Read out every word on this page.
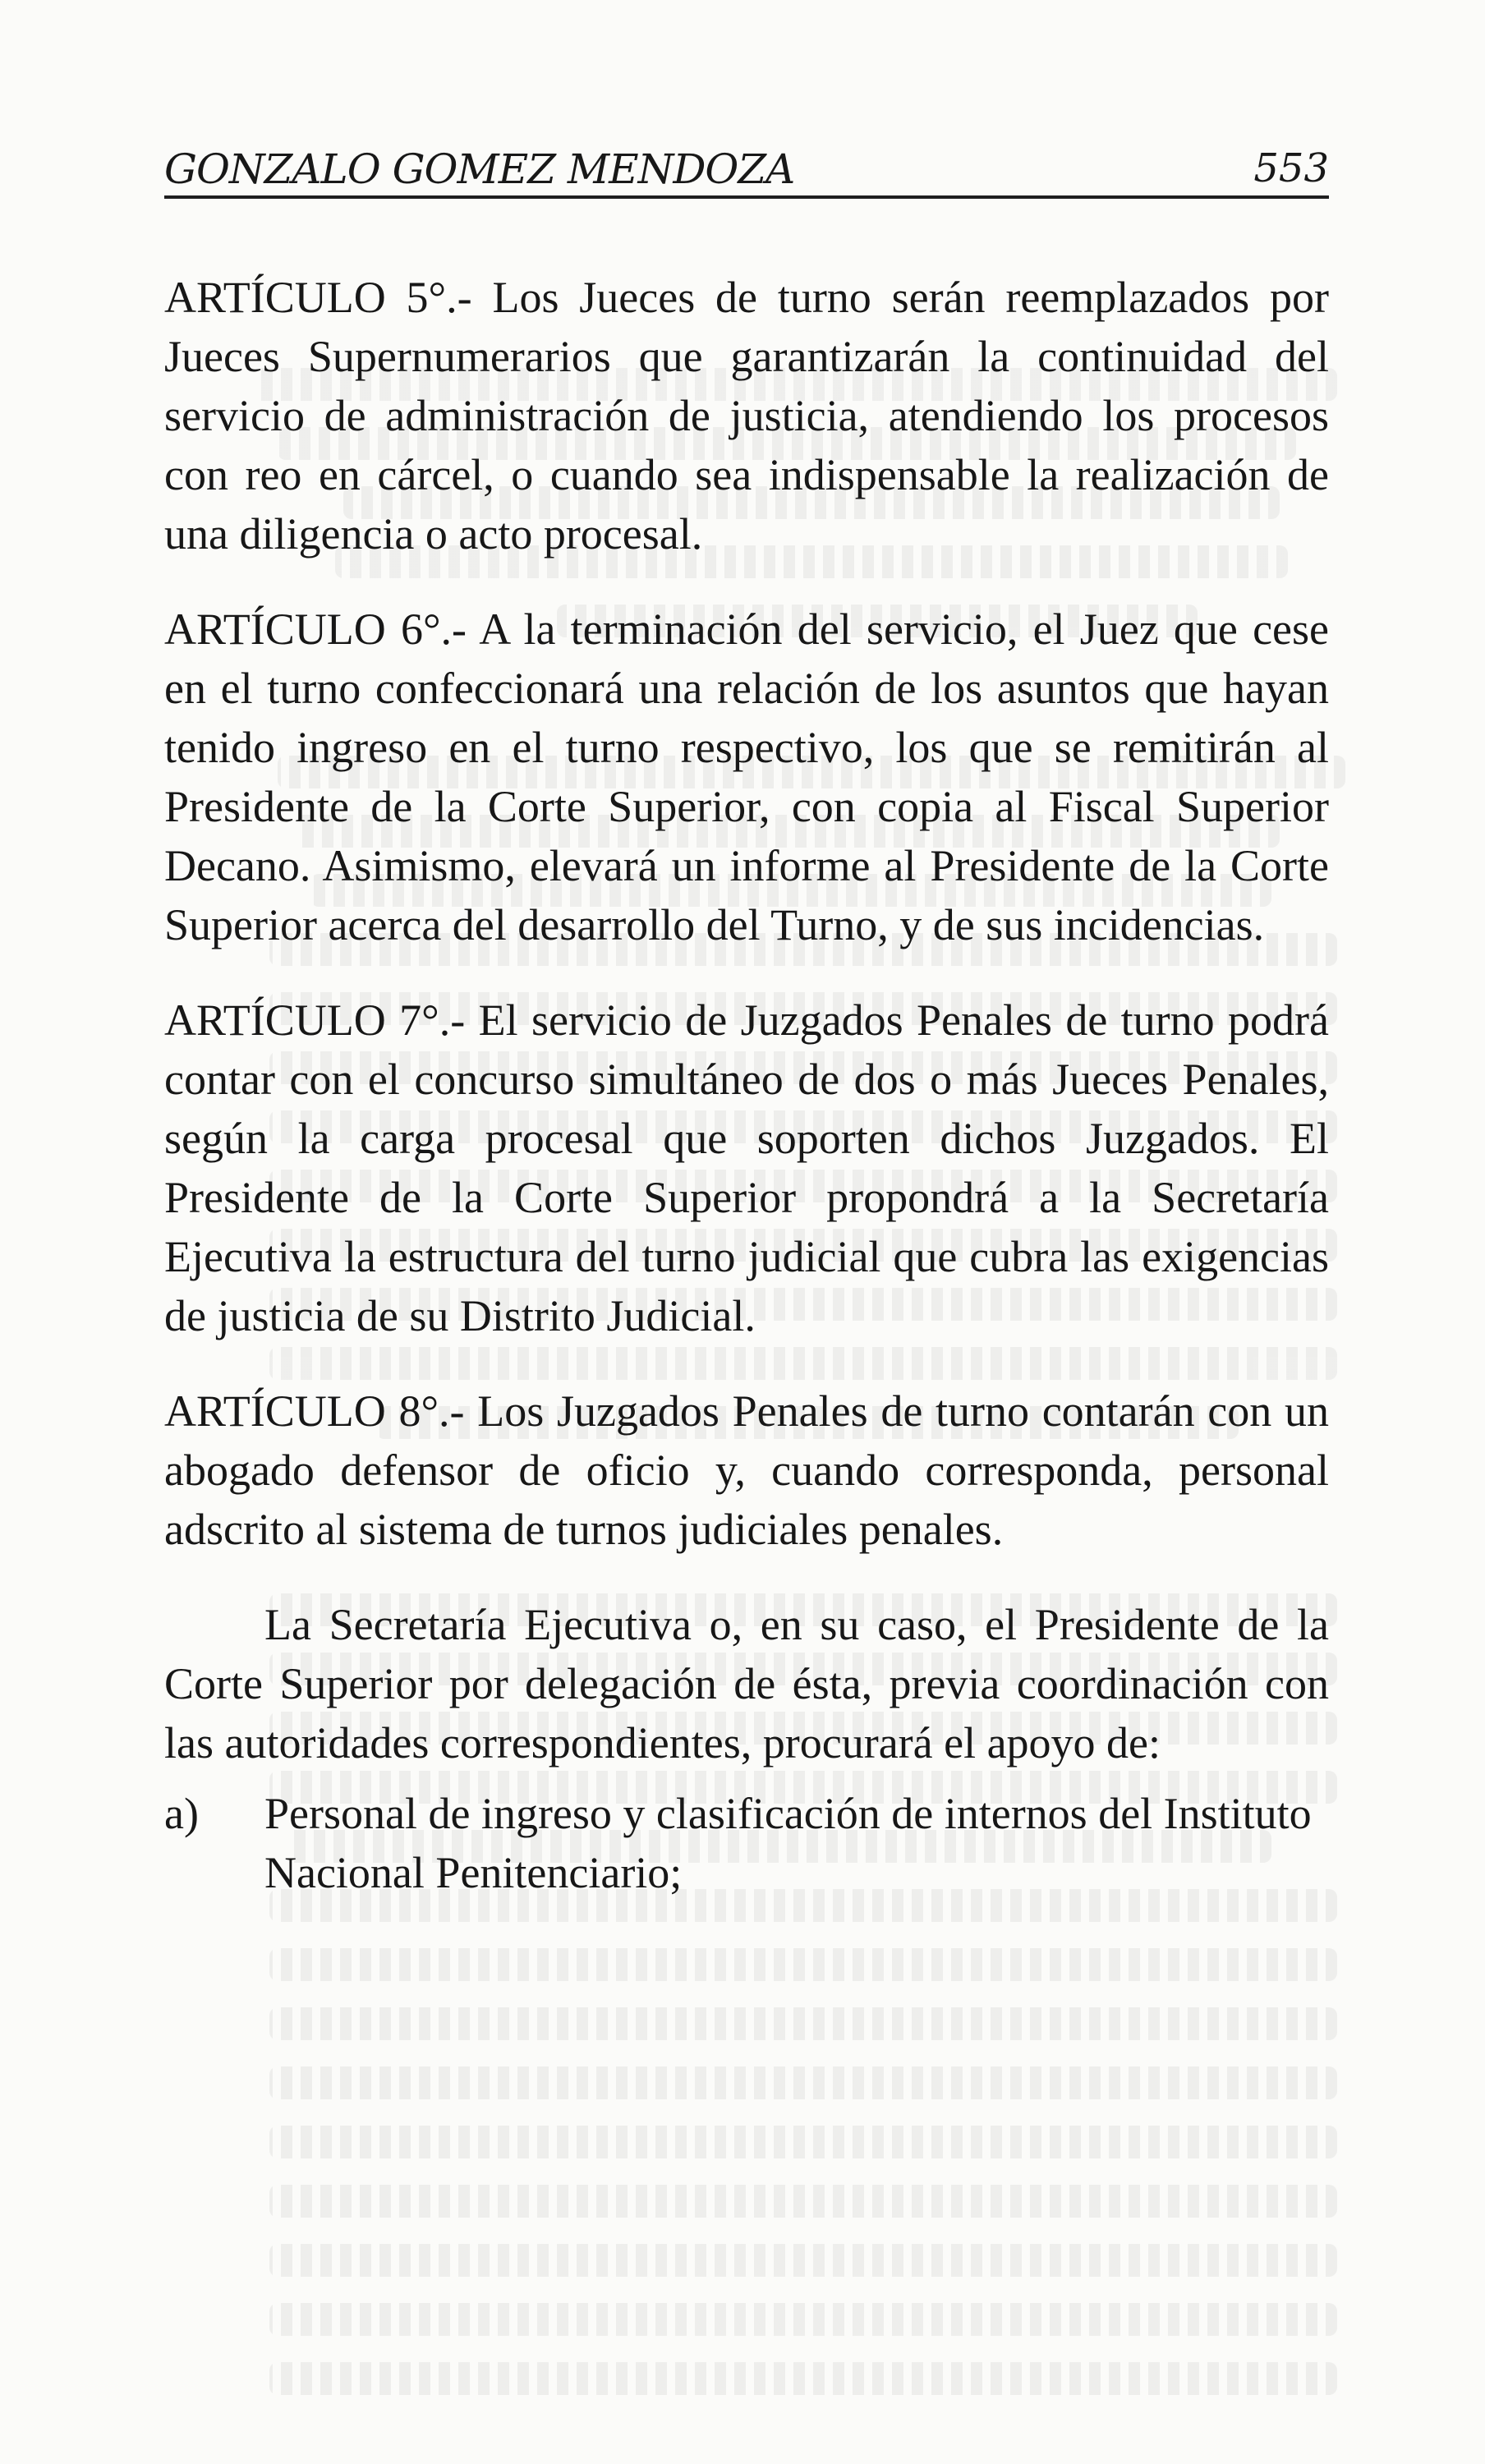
GONZALO GOMEZ MENDOZA	553

ARTÍCULO 5°.- Los Jueces de turno serán reemplazados por Jueces Supernumerarios que garantizarán la continuidad del servicio de administración de justicia, atendiendo los procesos con reo en cárcel, o cuando sea indispensable la realización de una diligencia o acto procesal.

ARTÍCULO 6°.- A la terminación del servicio, el Juez que cese en el turno confeccionará una relación de los asuntos que hayan tenido ingreso en el turno respectivo, los que se remitirán al Presidente de la Corte Superior, con copia al Fiscal Superior Decano. Asimismo, elevará un informe al Presidente de la Corte Superior acerca del desarrollo del Turno, y de sus incidencias.

ARTÍCULO 7°.- El servicio de Juzgados Penales de turno podrá contar con el concurso simultáneo de dos o más Jueces Penales, según la carga procesal que soporten dichos Juzgados. El Presidente de la Corte Superior propondrá a la Secretaría Ejecutiva la estructura del turno judicial que cubra las exigencias de justicia de su Distrito Judicial.

ARTÍCULO 8°.- Los Juzgados Penales de turno contarán con un abogado defensor de oficio y, cuando corresponda, personal adscrito al sistema de turnos judiciales penales.

La Secretaría Ejecutiva o, en su caso, el Presidente de la Corte Superior por delegación de ésta, previa coordinación con las autoridades correspondientes, procurará el apoyo de:

a)	Personal de ingreso y clasificación de internos del Instituto Nacional Penitenciario;
